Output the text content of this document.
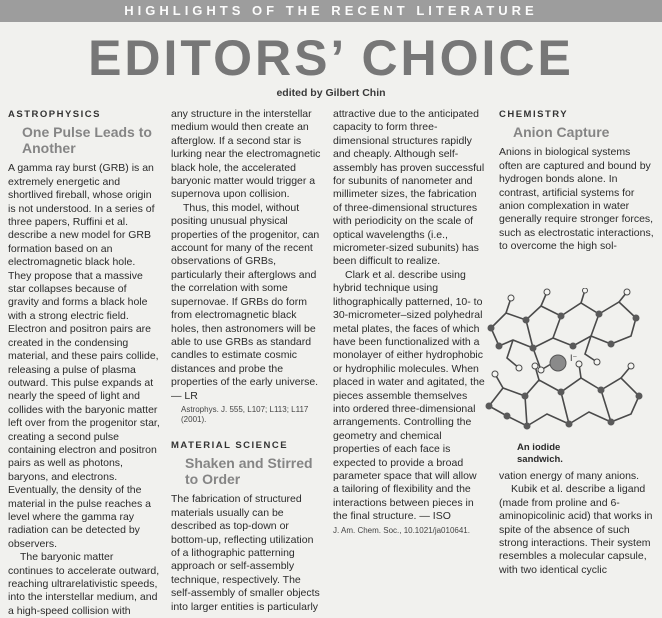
HIGHLIGHTS OF THE RECENT LITERATURE
EDITORS’ CHOICE
edited by Gilbert Chin
ASTROPHYSICS
One Pulse Leads to Another

A gamma ray burst (GRB) is an extremely energetic and shortlived fireball, whose origin is not understood. In a series of three papers, Ruffini et al. describe a new model for GRB formation based on an electromagnetic black hole. They propose that a massive star collapses because of gravity and forms a black hole with a strong electric field. Electron and positron pairs are created in the condensing material, and these pairs collide, releasing a pulse of plasma outward. This pulse expands at nearly the speed of light and collides with the baryonic matter left over from the progenitor star, creating a second pulse containing electron and positron pairs as well as photons, baryons, and electrons. Eventually, the density of the material in the pulse reaches a level where the gamma ray radiation can be detected by observers.

The baryonic matter continues to accelerate outward, reaching ultrarelativistic speeds, into the interstellar medium, and a high-speed collision with

any structure in the interstellar medium would then create an afterglow. If a second star is lurking near the electromagnetic black hole, the accelerated baryonic matter would trigger a supernova upon collision.

Thus, this model, without positing unusual physical properties of the progenitor, can account for many of the recent observations of GRBs, particularly their afterglows and the correlation with some supernovae. If GRBs do form from electromagnetic black holes, then astronomers will be able to use GRBs as standard candles to estimate cosmic distances and probe the properties of the early universe. — LR

Astrophys. J. 555, L107; L113; L117 (2001).
MATERIAL SCIENCE
Shaken and Stirred to Order

The fabrication of structured materials usually can be described as top-down or bottom-up, reflecting utilization of a lithographic patterning approach or self-assembly technique, respectively. The self-assembly of smaller objects into larger entities is particularly

attractive due to the anticipated capacity to form three-dimensional structures rapidly and cheaply. Although self-assembly has proven successful for subunits of nanometer and millimeter sizes, the fabrication of three-dimensional structures with periodicity on the scale of optical wavelengths (i.e., micrometer-sized subunits) has been difficult to realize.

Clark et al. describe using hybrid technique using lithographically patterned, 10- to 30-micrometer–sized polyhedral metal plates, the faces of which have been functionalized with a monolayer of either hydrophobic or hydrophilic molecules. When placed in water and agitated, the pieces assemble themselves into ordered three-dimensional arrangements. Controlling the geometry and chemical properties of each face is expected to provide a broad parameter space that will allow a tailoring of flexibility and the interactions between pieces in the final structure. — ISO

J. Am. Chem. Soc., 10.1021/ja010641.
CHEMISTRY
Anion Capture

Anions in biological systems often are captured and bound by hydrogen bonds alone. In contrast, artificial systems for anion complexation in water generally require stronger forces, such as electrostatic interactions, to overcome the high sol-

I⁻
An iodide sandwich.

vation energy of many anions.

Kubik et al. describe a ligand (made from proline and 6-aminopicolinic acid) that works in spite of the absence of such strong interactions. Their system resembles a molecular capsule, with two identical cyclic
